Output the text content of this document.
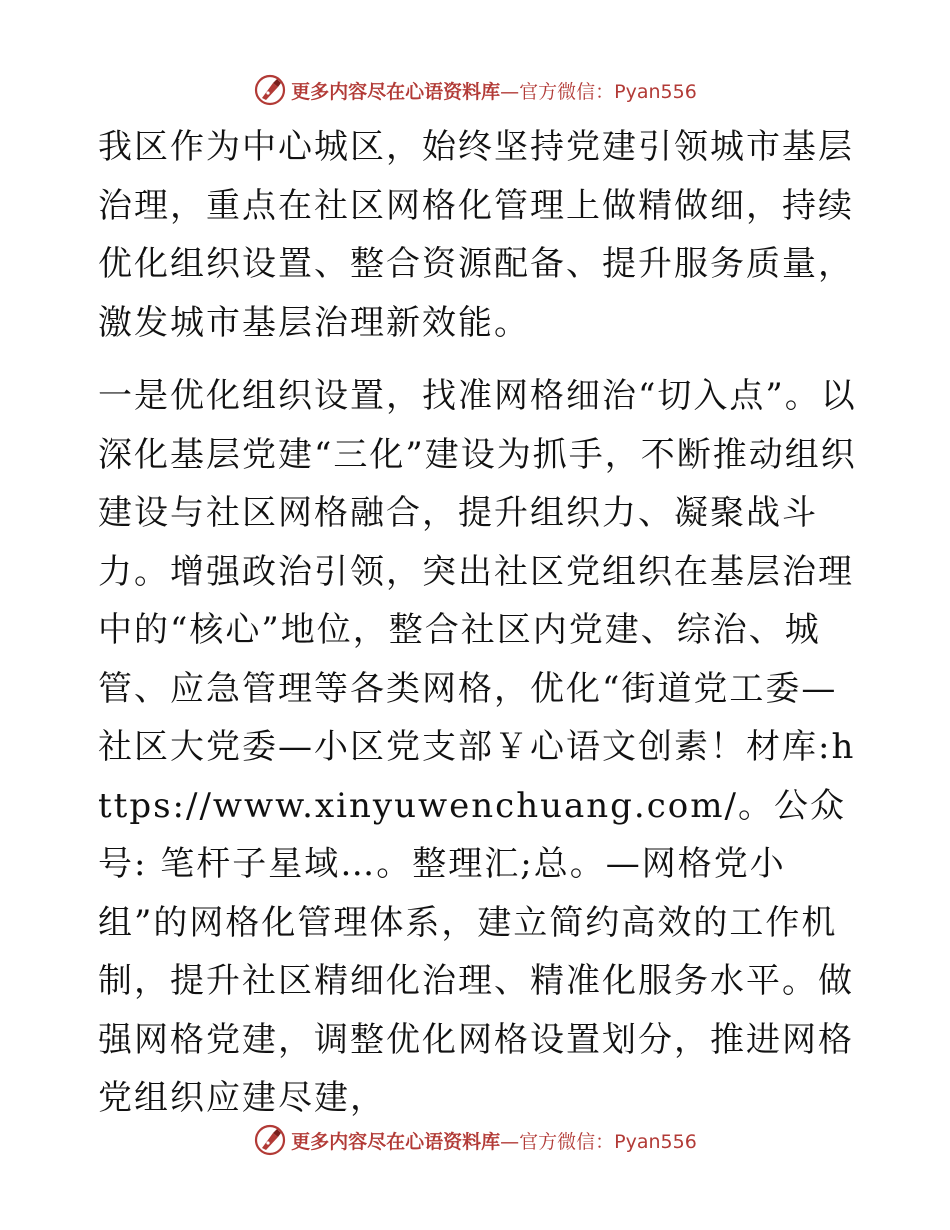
更多内容尽在心语资料库—官方微信：Pyan556

我区作为中心城区，始终坚持党建引领城市基层治理，重点在社区网格化管理上做精做细，持续优化组织设置、整合资源配备、提升服务质量，激发城市基层治理新效能。

一是优化组织设置，找准网格细治“切入点”。以深化基层党建“三化”建设为抓手，不断推动组织建设与社区网格融合，提升组织力、凝聚战斗力。增强政治引领，突出社区党组织在基层治理中的“核心”地位，整合社区内党建、综治、城管、应急管理等各类网格，优化“街道党工委—社区大党委—小区党支部￥心语文创素！材库:https://www.xinyuwenchuang.com/。公众号: 笔杆子星域…。整理汇;总。—网格党小组”的网格化管理体系，建立简约高效的工作机制，提升社区精细化治理、精准化服务水平。做强网格党建，调整优化网格设置划分，推进网格党组织应建尽建，

更多内容尽在心语资料库—官方微信：Pyan556
